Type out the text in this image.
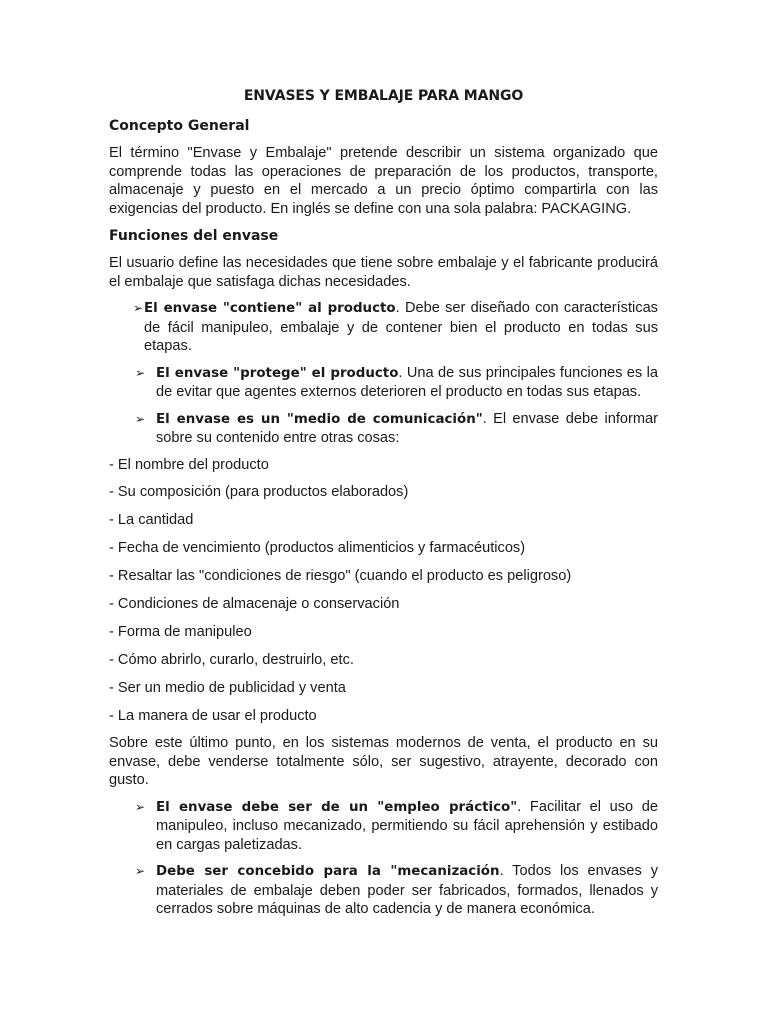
ENVASES Y EMBALAJE PARA MANGO
Concepto General
El término "Envase y Embalaje" pretende describir un sistema organizado que comprende todas las operaciones de preparación de los productos, transporte, almacenaje y puesto en el mercado a un precio óptimo compartirla con las exigencias del producto. En inglés se define con una sola palabra: PACKAGING.
Funciones del envase
El usuario define las necesidades que tiene sobre embalaje y el fabricante producirá el embalaje que satisfaga dichas necesidades.
➢ El envase "contiene" al producto. Debe ser diseñado con características de fácil manipuleo, embalaje y de contener bien el producto en todas sus etapas.
➢ El envase "protege" el producto. Una de sus principales funciones es la de evitar que agentes externos deterioren el producto en todas sus etapas.
➢ El envase es un "medio de comunicación". El envase debe informar sobre su contenido entre otras cosas:
- El nombre del producto
- Su composición (para productos elaborados)
- La cantidad
- Fecha de vencimiento (productos alimenticios y farmacéuticos)
- Resaltar las "condiciones de riesgo" (cuando el producto es peligroso)
- Condiciones de almacenaje o conservación
- Forma de manipuleo
- Cómo abrirlo, curarlo, destruirlo, etc.
- Ser un medio de publicidad y venta
- La manera de usar el producto
Sobre este último punto, en los sistemas modernos de venta, el producto en su envase, debe venderse totalmente sólo, ser sugestivo, atrayente, decorado con gusto.
➢ El envase debe ser de un "empleo práctico". Facilitar el uso de manipuleo, incluso mecanizado, permitiendo su fácil aprehensión y estibado en cargas paletizadas.
➢ Debe ser concebido para la "mecanización. Todos los envases y materiales de embalaje deben poder ser fabricados, formados, llenados y cerrados sobre máquinas de alto cadencia y de manera económica.
